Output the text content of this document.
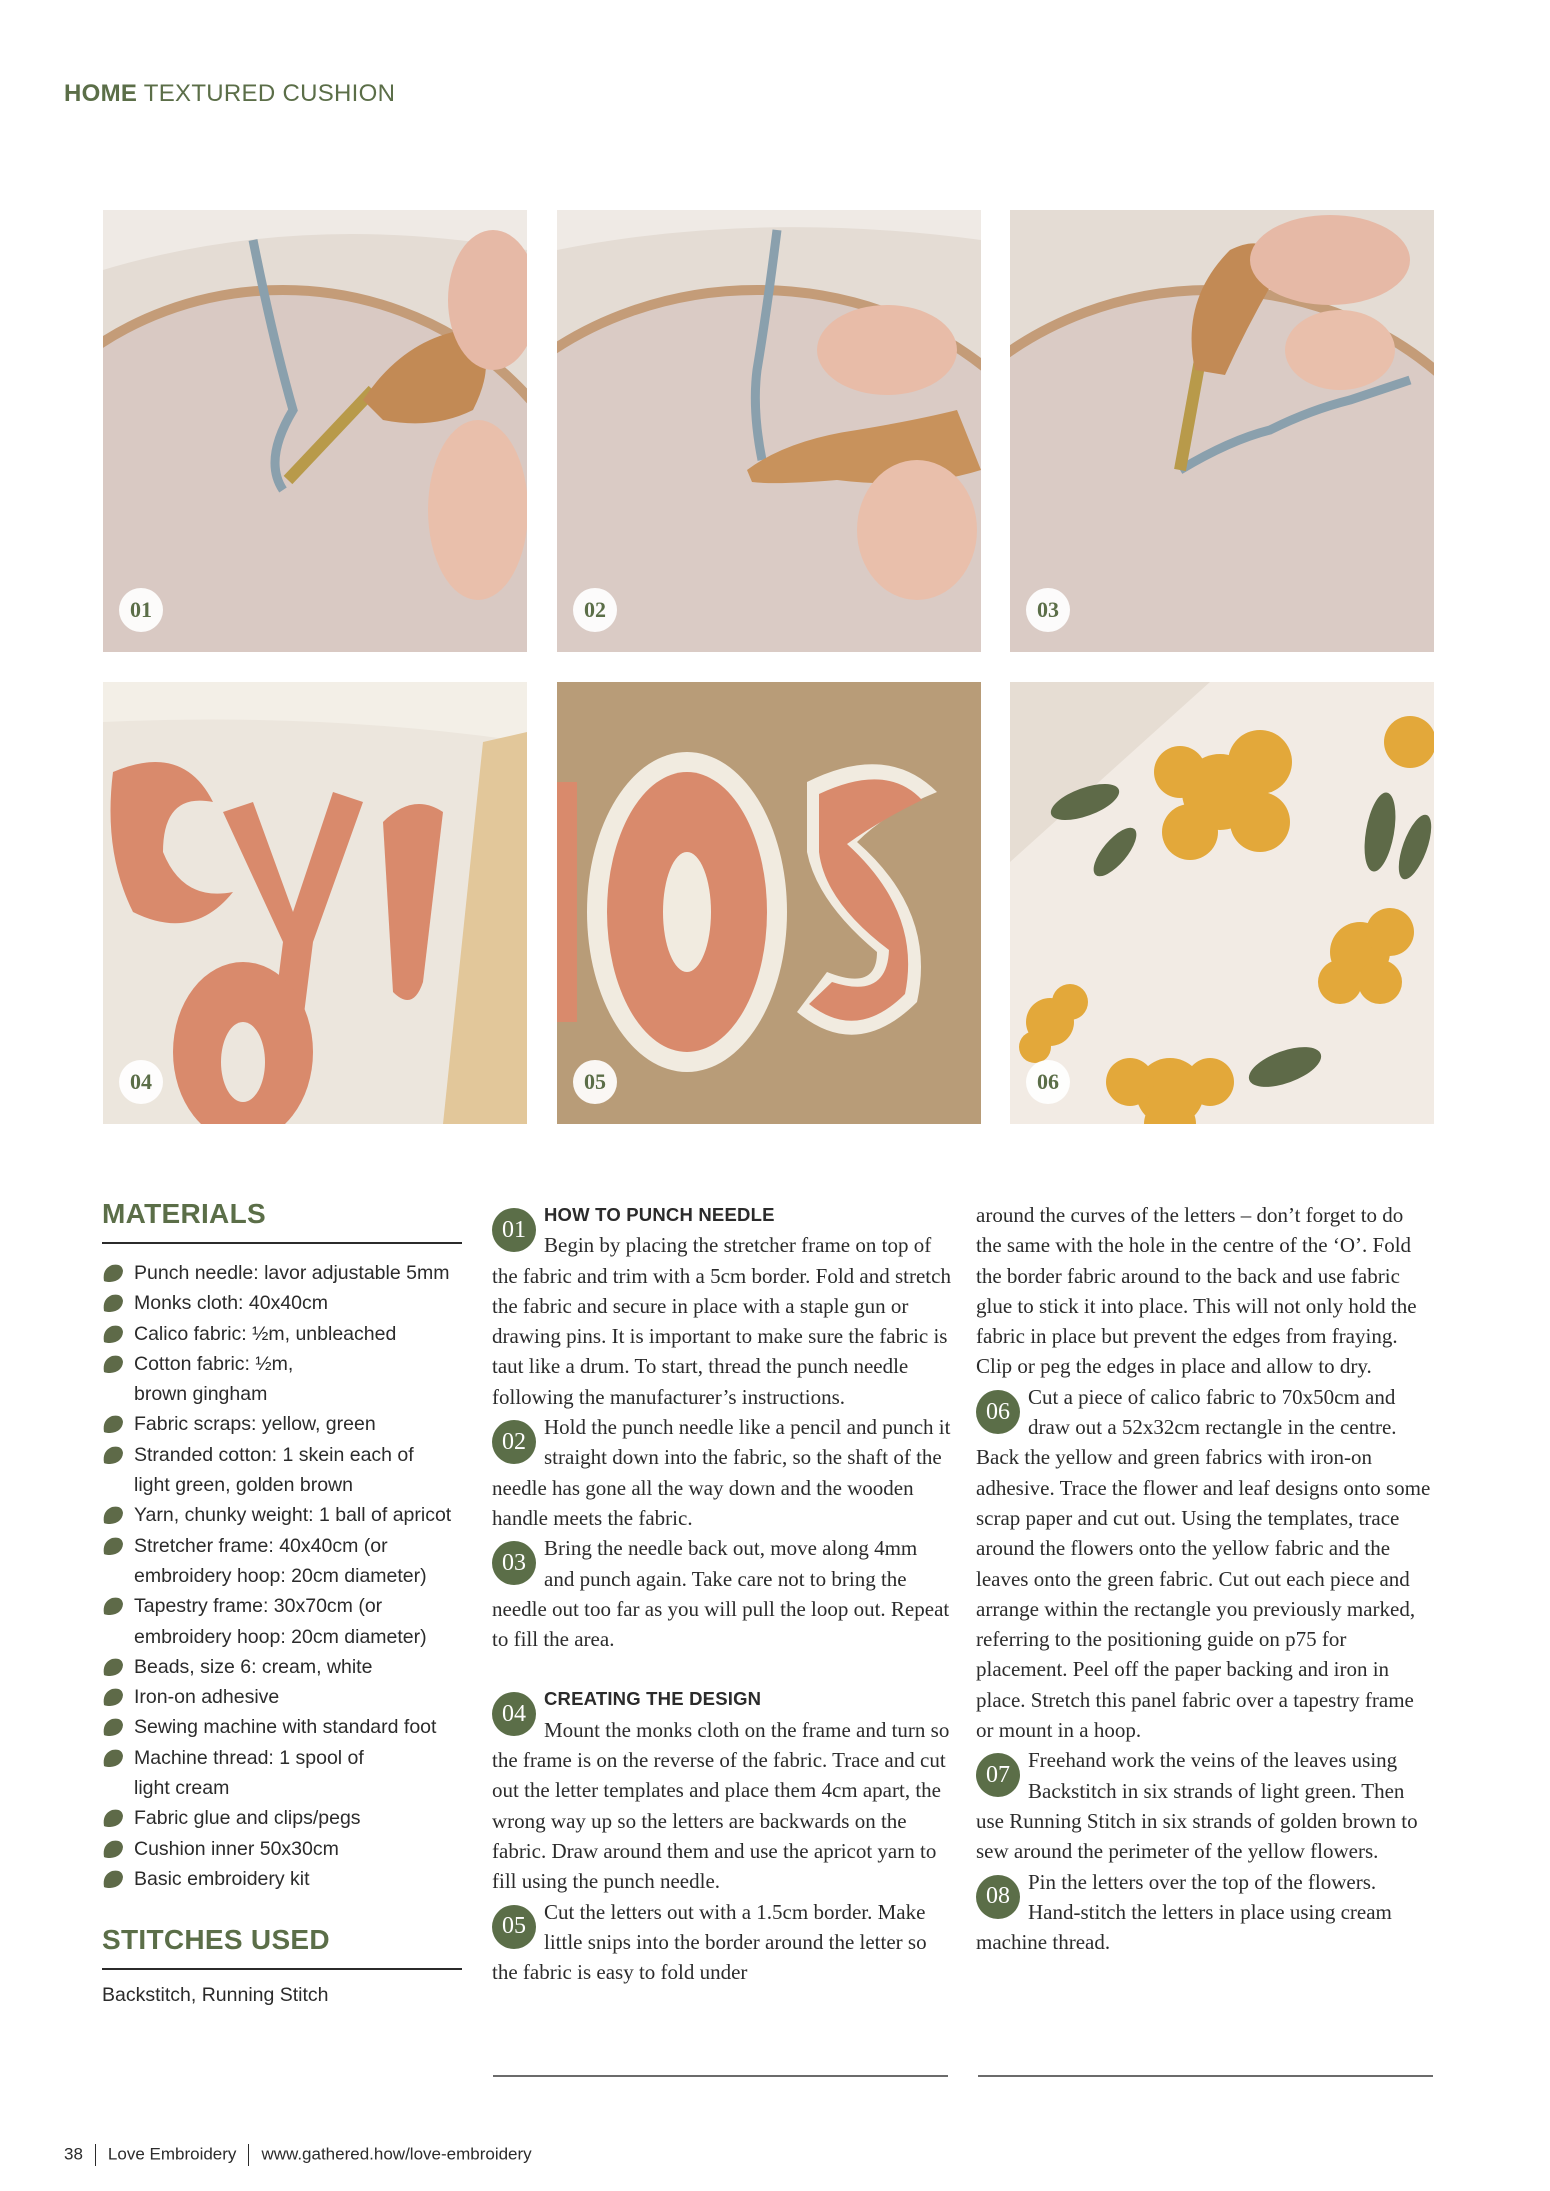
HOME TEXTURED CUSHION
01	02	03
04	05	06
MATERIALS
Punch needle: lavor adjustable 5mm
Monks cloth: 40x40cm
Calico fabric: ½m, unbleached
Cotton fabric: ½m,
brown gingham
Fabric scraps: yellow, green
Stranded cotton: 1 skein each of
light green, golden brown
Yarn, chunky weight: 1 ball of apricot
Stretcher frame: 40x40cm (or
embroidery hoop: 20cm diameter)
Tapestry frame: 30x70cm (or
embroidery hoop: 20cm diameter)
Beads, size 6: cream, white
Iron-on adhesive
Sewing machine with standard foot
Machine thread: 1 spool of
light cream
Fabric glue and clips/pegs
Cushion inner 50x30cm
Basic embroidery kit
STITCHES USED
Backstitch, Running Stitch
01
HOW TO PUNCH NEEDLE
Begin by placing the stretcher frame on top of the fabric and trim with a 5cm border. Fold and stretch the fabric and secure in place with a staple gun or drawing pins. It is important to make sure the fabric is taut like a drum. To start, thread the punch needle following the manufacturer’s instructions.
02
Hold the punch needle like a pencil and punch it straight down into the fabric, so the shaft of the needle has gone all the way down and the wooden handle meets the fabric.
03
Bring the needle back out, move along 4mm and punch again. Take care not to bring the needle out too far as you will pull the loop out. Repeat to fill the area.
04
CREATING THE DESIGN
Mount the monks cloth on the frame and turn so the frame is on the reverse of the fabric. Trace and cut out the letter templates and place them 4cm apart, the wrong way up so the letters are backwards on the fabric. Draw around them and use the apricot yarn to fill using the punch needle.
05
Cut the letters out with a 1.5cm border. Make little snips into the border around the letter so the fabric is easy to fold under
around the curves of the letters – don’t forget to do the same with the hole in the centre of the ‘O’. Fold the border fabric around to the back and use fabric glue to stick it into place. This will not only hold the fabric in place but prevent the edges from fraying. Clip or peg the edges in place and allow to dry.
06
Cut a piece of calico fabric to 70x50cm and draw out a 52x32cm rectangle in the centre. Back the yellow and green fabrics with iron-on adhesive. Trace the flower and leaf designs onto some scrap paper and cut out. Using the templates, trace around the flowers onto the yellow fabric and the leaves onto the green fabric. Cut out each piece and arrange within the rectangle you previously marked, referring to the positioning guide on p75 for placement. Peel off the paper backing and iron in place. Stretch this panel fabric over a tapestry frame or mount in a hoop.
07
Freehand work the veins of the leaves using Backstitch in six strands of light green. Then use Running Stitch in six strands of golden brown to sew around the perimeter of the yellow flowers.
08
Pin the letters over the top of the flowers. Hand-stitch the letters in place using cream machine thread.
38 Love Embroidery www.gathered.how/love-embroidery
